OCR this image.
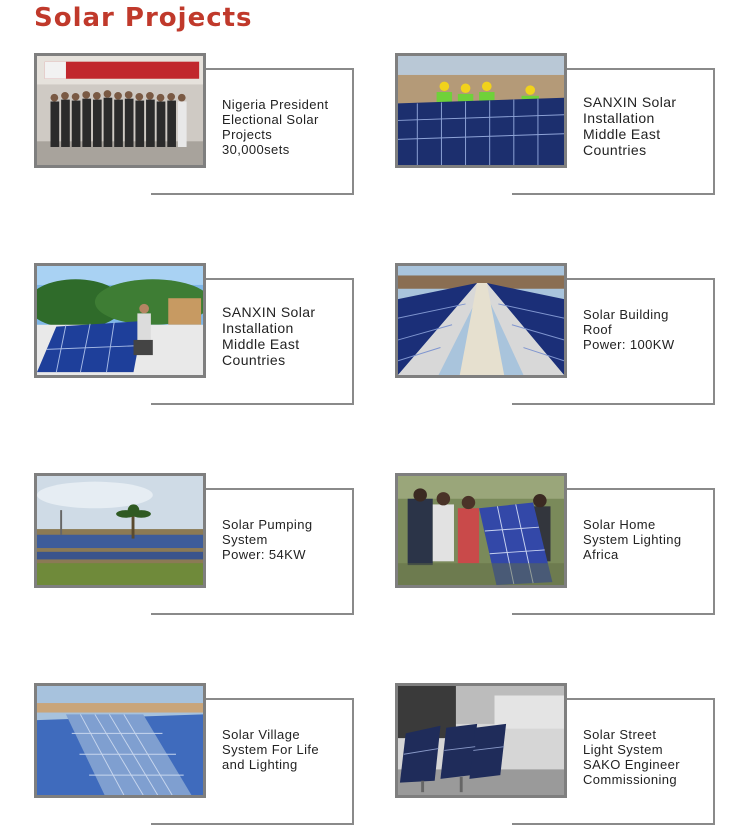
Solar Projects
Nigeria President
Electional Solar
Projects
30,000sets
SANXIN Solar
Installation
Middle East
Countries
SANXIN Solar
Installation
Middle East
Countries
Solar Building
Roof
Power: 100KW
Solar Pumping
System
Power: 54KW
Solar Home
System Lighting
Africa
Solar Village
System For Life
and Lighting
Solar Street
Light System
SAKO Engineer
Commissioning
